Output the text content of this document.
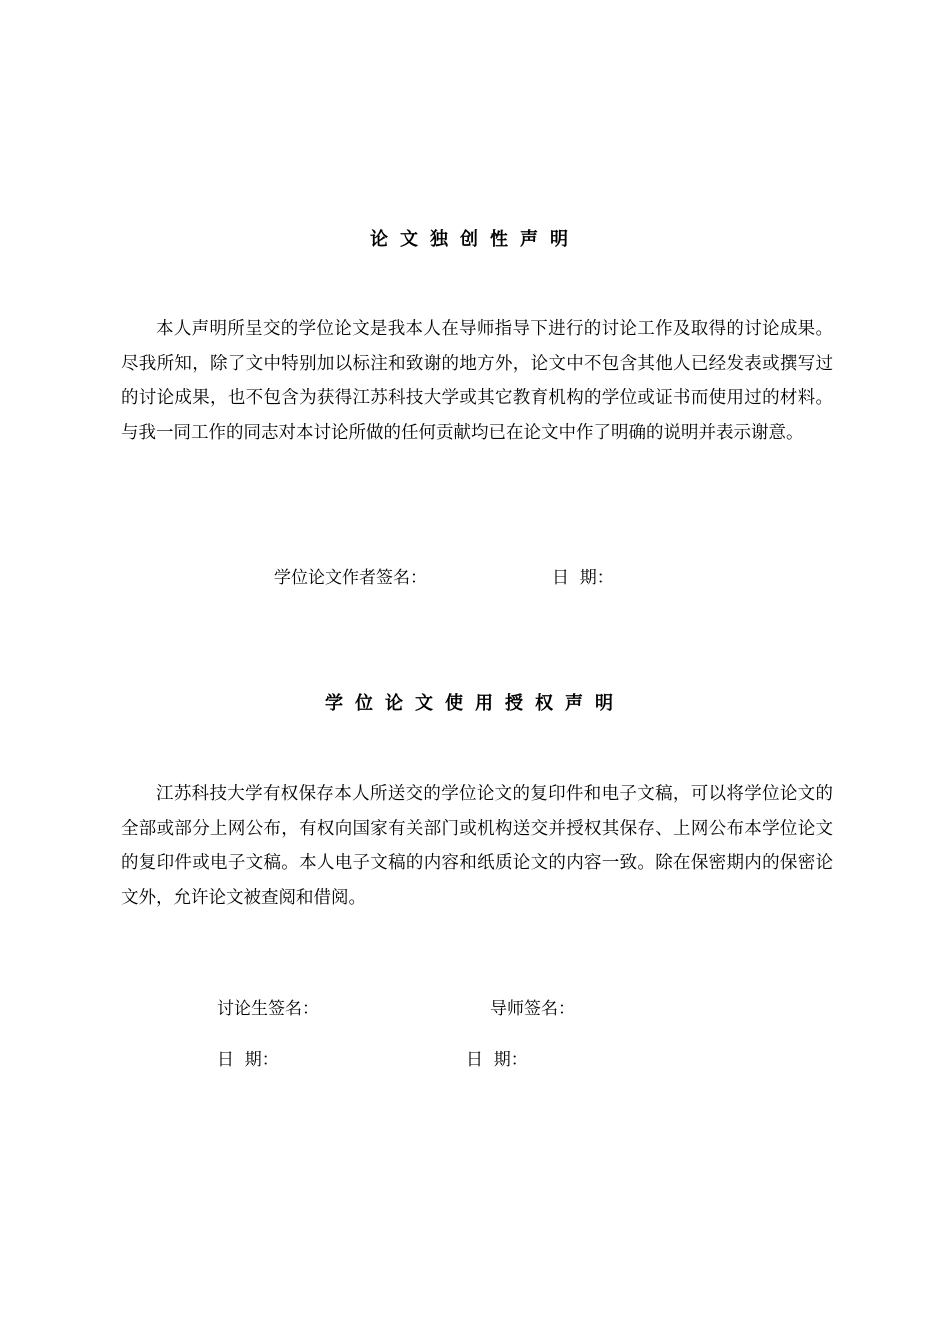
论文独创性声明
本人声明所呈交的学位论文是我本人在导师指导下进行的讨论工作及取得的讨论成果。尽我所知，除了文中特别加以标注和致谢的地方外，论文中不包含其他人已经发表或撰写过的讨论成果，也不包含为获得江苏科技大学或其它教育机构的学位或证书而使用过的材料。与我一同工作的同志对本讨论所做的任何贡献均已在论文中作了明确的说明并表示谢意。
学位论文作者签名：	日  期：
学位论文使用授权声明
江苏科技大学有权保存本人所送交的学位论文的复印件和电子文稿，可以将学位论文的全部或部分上网公布，有权向国家有关部门或机构送交并授权其保存、上网公布本学位论文的复印件或电子文稿。本人电子文稿的内容和纸质论文的内容一致。除在保密期内的保密论文外，允许论文被查阅和借阅。
讨论生签名：	导师签名：
日  期：	日  期：
